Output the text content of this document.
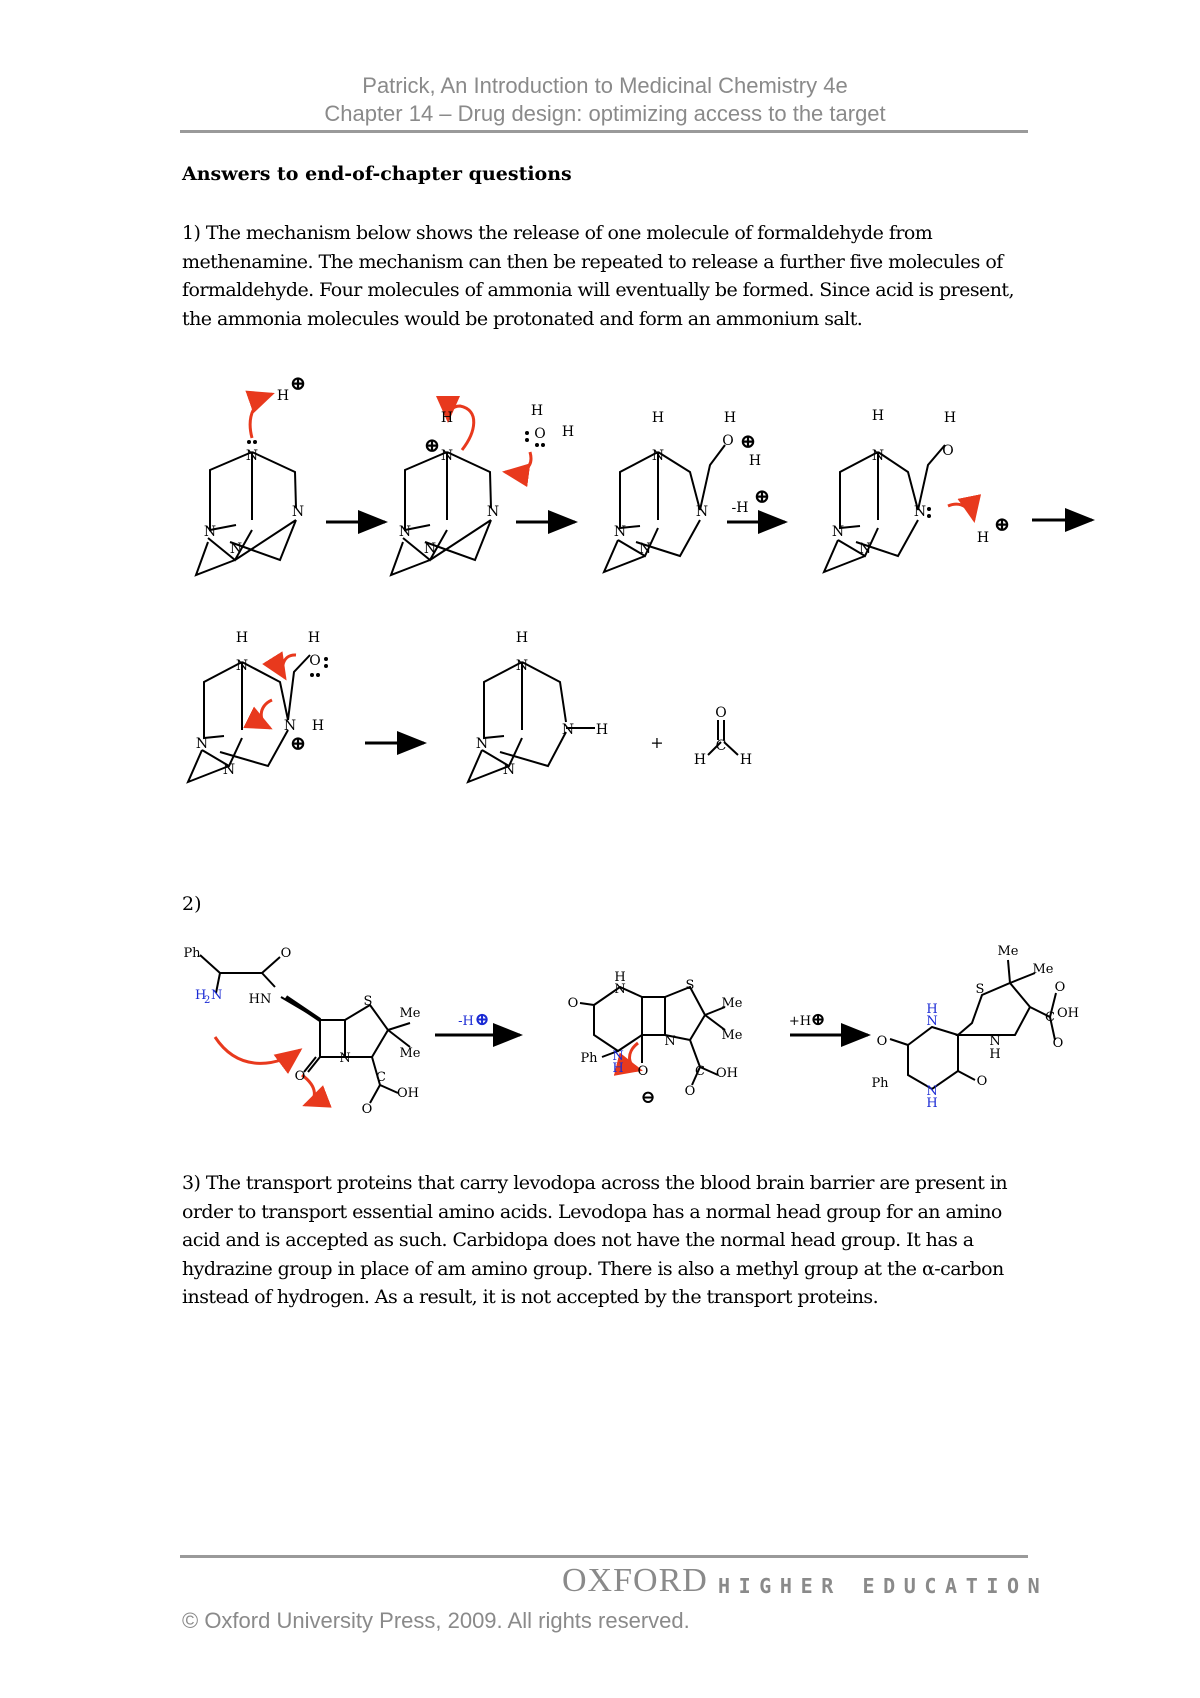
Patrick, An Introduction to Medicinal Chemistry 4e
Chapter 14 – Drug design: optimizing access to the target
Answers to end-of-chapter questions
1) The mechanism below shows the release of one molecule of formaldehyde from methenamine. The mechanism can then be repeated to release a further five molecules of formaldehyde. Four molecules of ammonia will eventually be formed. Since acid is present, the ammonia molecules would be protonated and form an ammonium salt.
N
N
N
N
H
N
H
N
N
N
H
O H
H
N
N
N
N
H
O
H
H
N
N
N
N
H
O
H
H
N
H
O
N H
N
N
H
N
N H
N
N
⊕
⊕	⊕
⊕
⊕
⊕
-H
O
C
H H
+
2)
Ph	O
HN	S
Me
Me
N
O	C
OH
O
H
2 N
O
N
H
S
Me
Me
N
Ph
O	C OH
O
N
H
Me
Me
S	O
OH
C
O
N
H
O
Ph	O
N
H
N
H
-H	+H
⊕	⊕
⊖
3) The transport proteins that carry levodopa across the blood brain barrier are present in order to transport essential amino acids. Levodopa has a normal head group for an amino acid and is accepted as such. Carbidopa does not have the normal head group. It has a hydrazine group in place of am amino group. There is also a methyl group at the α-carbon instead of hydrogen. As a result, it is not accepted by the transport proteins.
OXFORD HIGHER EDUCATION
© Oxford University Press, 2009. All rights reserved.
